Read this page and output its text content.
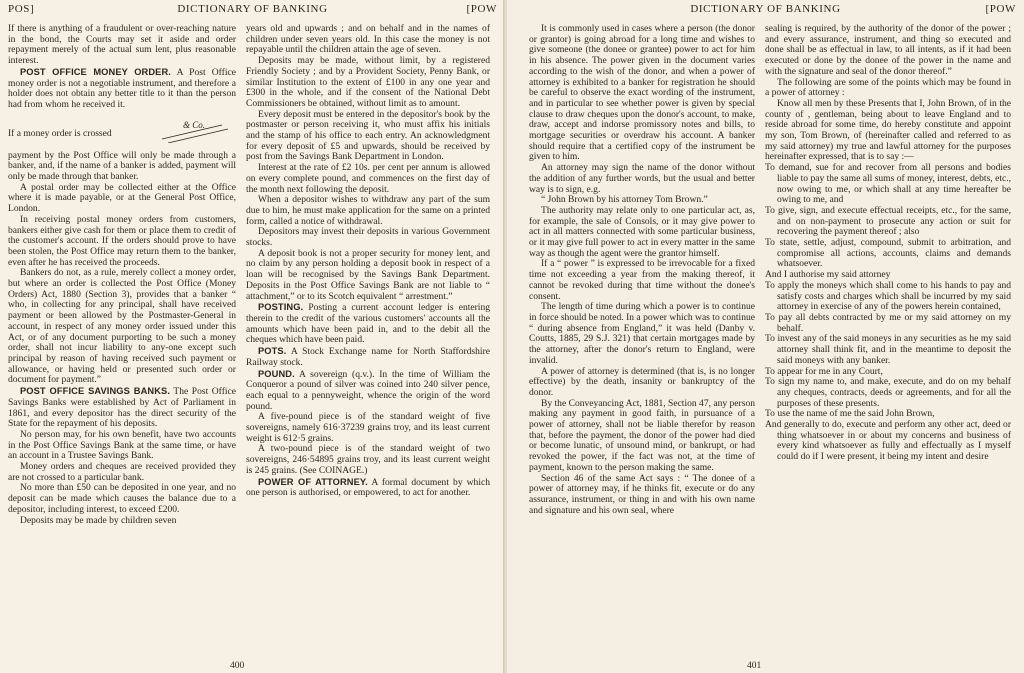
POS]	DICTIONARY OF BANKING	[POW

If there is anything of a fraudulent or over-reaching nature in the bond, the Courts may set it aside and order repayment merely of the actual sum lent, plus reasonable interest.

POST OFFICE MONEY ORDER. A Post Office money order is not a negotiable instrument, and therefore a holder does not obtain any better title to it than the person had from whom he received it.

If a money order is crossed
& Co.

payment by the Post Office will only be made through a banker, and, if the name of a banker is added, payment will only be made through that banker.

A postal order may be collected either at the Office where it is made payable, or at the General Post Office, London.

In receiving postal money orders from customers, bankers either give cash for them or place them to credit of the customer's account. If the orders should prove to have been stolen, the Post Office may return them to the banker, even after he has received the proceeds.

Bankers do not, as a rule, merely collect a money order, but where an order is collected the Post Office (Money Orders) Act, 1880 (Section 3), provides that a banker “ who, in collecting for any principal, shall have received payment or been allowed by the Postmaster-General in account, in respect of any money order issued under this Act, or of any document purporting to be such a money order, shall not incur liability to any-one except such principal by reason of having received such payment or allowance, or having held or presented such order or document for payment.”

POST OFFICE SAVINGS BANKS. The Post Office Savings Banks were established by Act of Parliament in 1861, and every depositor has the direct security of the State for the repayment of his deposits.

No person may, for his own benefit, have two accounts in the Post Office Savings Bank at the same time, or have an account in a Trustee Savings Bank.

Money orders and cheques are received provided they are not crossed to a particular bank.

No more than £50 can be deposited in one year, and no deposit can be made which causes the balance due to a depositor, including interest, to exceed £200.

Deposits may be made by children seven

years old and upwards ; and on behalf and in the names of children under seven years old. In this case the money is not repayable until the children attain the age of seven.

Deposits may be made, without limit, by a registered Friendly Society ; and by a Provident Society, Penny Bank, or similar Institution to the extent of £100 in any one year and £300 in the whole, and if the consent of the National Debt Commissioners be obtained, without limit as to amount.

Every deposit must be entered in the depositor's book by the postmaster or person receiving it, who must affix his initials and the stamp of his office to each entry. An acknowledgment for every deposit of £5 and upwards, should be received by post from the Savings Bank Department in London.

Interest at the rate of £2 10s. per cent per annum is allowed on every complete pound, and commences on the first day of the month next following the deposit.

When a depositor wishes to withdraw any part of the sum due to him, he must make application for the same on a printed form, called a notice of withdrawal.

Depositors may invest their deposits in various Government stocks.

A deposit book is not a proper security for money lent, and no claim by any person holding a deposit book in respect of a loan will be recognised by the Savings Bank Department. Deposits in the Post Office Savings Bank are not liable to “ attachment,” or to its Scotch equivalent “ arrestment.”

POSTING. Posting a current account ledger is entering therein to the credit of the various customers' accounts all the amounts which have been paid in, and to the debit all the cheques which have been paid.

POTS. A Stock Exchange name for North Staffordshire Railway stock.

POUND. A sovereign (q.v.). In the time of William the Conqueror a pound of silver was coined into 240 silver pence, each equal to a pennyweight, whence the origin of the word pound.

A five-pound piece is of the standard weight of five sovereigns, namely 616·37239 grains troy, and its least current weight is 612·5 grains.

A two-pound piece is of the standard weight of two sovereigns, 246·54895 grains troy, and its least current weight is 245 grains. (See COINAGE.)

POWER OF ATTORNEY. A formal document by which one person is authorised, or empowered, to act for another.

400
DICTIONARY OF BANKING	[POW

It is commonly used in cases where a person (the donor or grantor) is going abroad for a long time and wishes to give someone (the donee or grantee) power to act for him in his absence. The power given in the document varies according to the wish of the donor, and when a power of attorney is exhibited to a banker for registration he should be careful to observe the exact wording of the instrument, and in particular to see whether power is given by special clause to draw cheques upon the donor's account, to make, draw, accept and indorse promissory notes and bills, to mortgage securities or overdraw his account. A banker should require that a certified copy of the instrument be given to him.

An attorney may sign the name of the donor without the addition of any further words, but the usual and better way is to sign, e.g.

“ John Brown by his attorney Tom Brown.”

The authority may relate only to one particular act, as, for example, the sale of Consols, or it may give power to act in all matters connected with some particular business, or it may give full power to act in every matter in the same way as though the agent were the grantor himself.

If a “ power ” is expressed to be irrevocable for a fixed time not exceeding a year from the making thereof, it cannot be revoked during that time without the donee's consent.

The length of time during which a power is to continue in force should be noted. In a power which was to continue “ during absence from England,” it was held (Danby v. Coutts, 1885, 29 S.J. 321) that certain mortgages made by the attorney, after the donor's return to England, were invalid.

A power of attorney is determined (that is, is no longer effective) by the death, insanity or bankruptcy of the donor.

By the Conveyancing Act, 1881, Section 47, any person making any payment in good faith, in pursuance of a power of attorney, shall not be liable therefor by reason that, before the payment, the donor of the power had died or become lunatic, of unsound mind, or bankrupt, or had revoked the power, if the fact was not, at the time of payment, known to the person making the same.

Section 46 of the same Act says : “ The donee of a power of attorney may, if he thinks fit, execute or do any assurance, instrument, or thing in and with his own name and signature and his own seal, where

sealing is required, by the authority of the donor of the power ; and every assurance, instrument, and thing so executed and done shall be as effectual in law, to all intents, as if it had been executed or done by the donee of the power in the name and with the signature and seal of the donor thereof.”

The following are some of the points which may be found in a power of attorney :

Know all men by these Presents that I, John Brown, of in the county of , gentleman, being about to leave England and to reside abroad for some time, do hereby constitute and appoint my son, Tom Brown, of (hereinafter called and referred to as my said attorney) my true and lawful attorney for the purposes hereinafter expressed, that is to say :—

To demand, sue for and recover from all persons and bodies liable to pay the same all sums of money, interest, debts, etc., now owing to me, or which shall at any time hereafter be owing to me, and

To give, sign, and execute effectual receipts, etc., for the same, and on non-payment to prosecute any action or suit for recovering the payment thereof ; also

To state, settle, adjust, compound, submit to arbitration, and compromise all actions, accounts, claims and demands whatsoever.

And I authorise my said attorney

To apply the moneys which shall come to his hands to pay and satisfy costs and charges which shall be incurred by my said attorney in exercise of any of the powers herein contained,

To pay all debts contracted by me or my said attorney on my behalf.

To invest any of the said moneys in any securities as he my said attorney shall think fit, and in the meantime to deposit the said moneys with any banker.

To appear for me in any Court,

To sign my name to, and make, execute, and do on my behalf any cheques, contracts, deeds or agreements, and for all the purposes of these presents.

To use the name of me the said John Brown,

And generally to do, execute and perform any other act, deed or thing whatsoever in or about my concerns and business of every kind whatsoever as fully and effectually as I myself could do if I were present, it being my intent and desire

401
